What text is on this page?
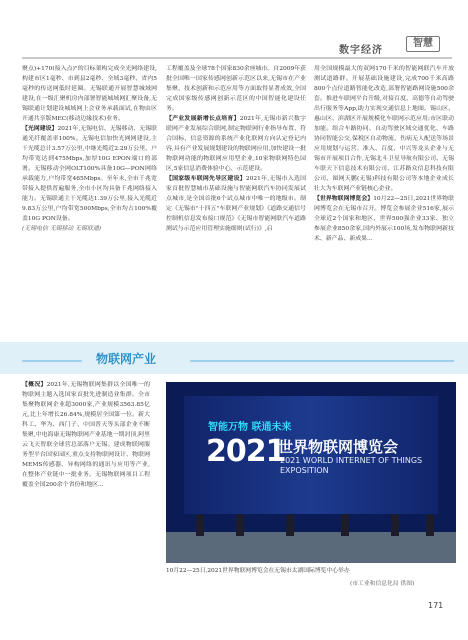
数字经济
智慧

聚点)+170(接入点)"的目标架构完成全光网络建设,构建市区1毫秒、市到县2毫秒、全域3毫秒、省内5毫秒的传送网低时延圈。无锡联通开展智慧城域网建设,在一级汇聚机房内部署智能城域网汇聚设备,无锡联通计划建设城域网上会业务承载面试,在物由区开通共享版MEC(移动边缘技术)业务。

【光网建设】2021年,无锡电信、无锡移动、无锡联通光纤覆盖率100%。无锡电信加快光网网建设,主干光缆总计3.57万公里,中继光缆近2.29万公里、户均带宽达到475Mbps,加厚10G EPON端口的部署。无锡移动全网OLT100%具备10G—PON网络承载能力,户均带宽465Mbps。至年末,全市千兆宽带接入提供普遍服务,全市小区均具备千兆网络接入能力。无锡联通主干光缆达1.39万公里,接入光缆近9.83万公里,户均带宽500Mbps,全市均占100%覆盖10G PON设备。

(无锡电信 无锡移动 无锡联通)

工程覆盖及全球78个国家830余座城市。自2009年获批全国唯一国家传感网创新示范区以来,无锡市在产业集聚、技术创新和示范应用等方面取得显著成效,全国完成国家级传感网创新示范区的中国智能化建设任务。

【产业发展新增长点培育】2021年,无锡市新兴数字联网产业发展综合联网,制定物联网行业指导布置、符合国标、信息资源的系统产业化联网方向认定登记内容,具有产业发展规划建设的物联网应用,加快建设一批物联网功能的物联网应用型企业,10家物联网特色园区,5家信息消费体验中心、示范建设。

【国家级车联网先导区建设】2021年,无锡市入选国家首批智慧城市基础设施与智能网联汽车协同发展试点城市,是全国首批6个试点城市中唯一的地级市。制定《无锡市"十四五"车联网产业规划》《道路交通信号控制机信息发布接口规范》《无锡市智能网联汽车道路测试与示范应用管理实施细则(试行)》,启

用全国规模最大的双网170千米的智能网联汽车开放测试道路群。开展基础设施建设,完成700千米高路800个点位道路智能化改造,部署智能路网设施500余套。推进车联网平台升级,对接百度、高德等自动驾驶出行服务等App,助力实现交通信息上地图。锡山区、惠山区、滨湖区开展规模化车联网示范应用;市区联动加能。组合车路协同、自动驾驶区域交通优化、车路协同智能公交,保税区自动物流、伤病无人配送等场景应用规划与运营。准入、百度、中兴等龙头企业与无锡市开展项目合作,无锡北斗卫星导航有限公司、无锡车联天下信息技术有限公司、江苏路众信息科技有限公司、图网天鹏(无锡)科技有限公司等本地企业成长壮大为车联网产业链核心企业。

【世界物联网博览会】10月22—25日,2021世界物联网博览会在无锡市召开。博览会参展企业516家,展示全球近2个国家和地区、世界500强企业33家、独立参展企业850余家,国内外展示100场,发布物联网新技术、新产品、新成果...

物联网产业

【概况】2021年,无锡物联网集群以全国唯一的物联网主题入选国家首批先进制造业集群。全市集聚物联网企业超3000家,产业规模3563.85亿元,比上年增长26.84%,规模居全国第一位。新大科工、华为、西门子、中国普天等头部企业不断集聚,中电海康无锡物联网产业基地一期封顶,阿里云飞天智联全球营总部落户无锡。建成物联网服务型平台国家园区,重点支持物联网设计、物联网MEMS传感器、异构网络的通讯与应用等产业,在整体产业链中一批业务。无锡物联网项目工程覆盖全国200余个省份和地区...

智能万物 联通未来
2021
世界物联网博览会
2021 WORLD INTERNET OF THINGS EXPOSITION
10月22—25日,2021世界物联网博览会在无锡市太湖国际博览中心举办
(市工业和信息化局 供图)
171
